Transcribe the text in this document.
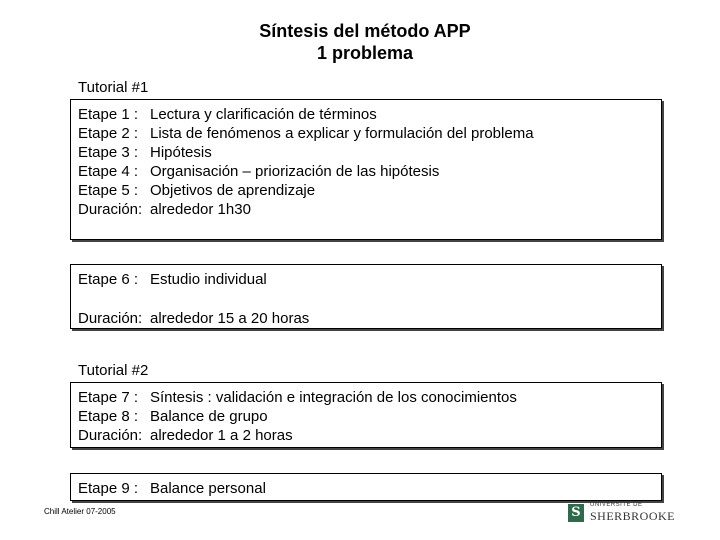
Síntesis del método APP
1 problema
Tutorial #1
Etape 1 : Lectura y clarificación de términos
Etape 2 : Lista de fenómenos a explicar y formulación del problema
Etape 3 : Hipótesis
Etape 4 : Organisación – priorización de las hipótesis
Etape 5 : Objetivos de aprendizaje
Duración: alrededor 1h30
Etape 6 : Estudio individual
Duración: alrededor 15 a 20 horas
Tutorial #2
Etape 7 : Síntesis : validación e integración de los conocimientos
Etape 8 : Balance de grupo
Duración: alrededor 1 a 2 horas
Etape 9 : Balance personal
Chill Atelier 07-2005	S	UNIVERSITÉ DE
SHERBROOKE
